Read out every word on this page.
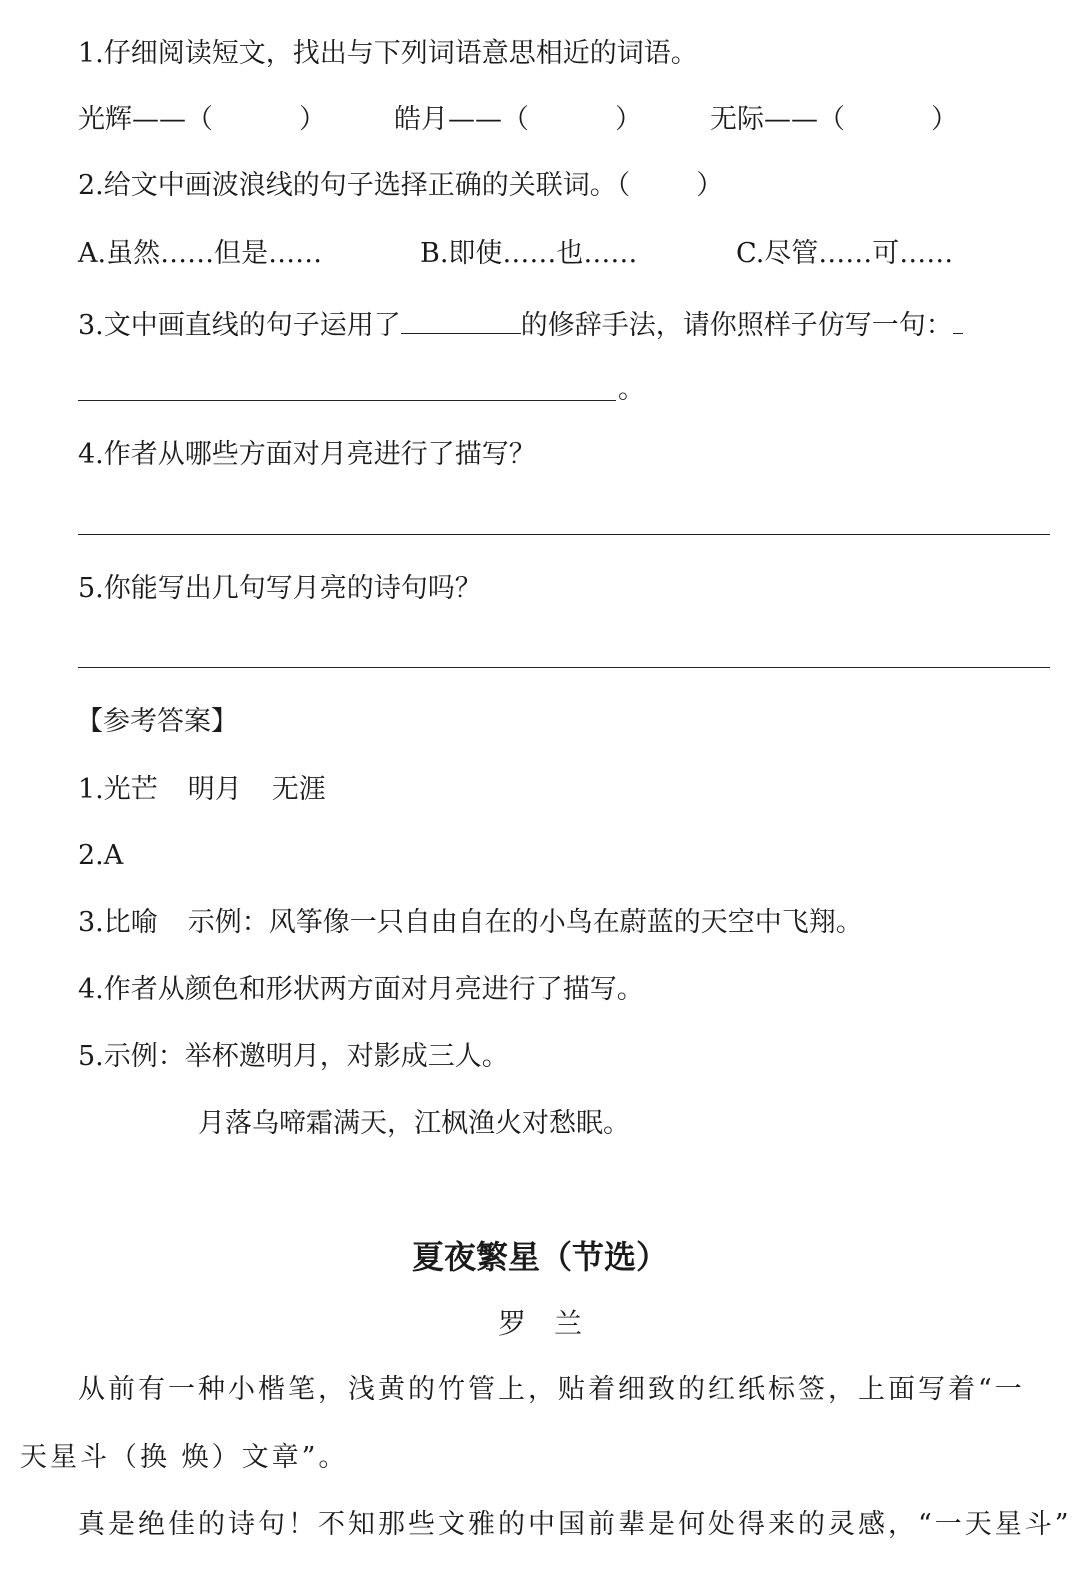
1.仔细阅读短文，找出与下列词语意思相近的词语。
光辉——（	）	皓月——（	）	无际——（	）
2.给文中画波浪线的句子选择正确的关联词。（ ）
A.虽然……但是……	B.即使……也……	C.尽管……可……
3.文中画直线的句子运用了	的修辞手法，请你照样子仿写一句：
。
4.作者从哪些方面对月亮进行了描写？
5.你能写出几句写月亮的诗句吗？
【参考答案】
1.光芒 明月 无涯
2.A
3.比喻 示例：风筝像一只自由自在的小鸟在蔚蓝的天空中飞翔。
4.作者从颜色和形状两方面对月亮进行了描写。
5.示例：举杯邀明月，对影成三人。
月落乌啼霜满天，江枫渔火对愁眠。
夏夜繁星（节选）
罗兰
从前有一种小楷笔，浅黄的竹管上，贴着细致的红纸标签，上面写着“一
天星斗（换 焕）文章”。
真是绝佳的诗句！不知那些文雅的中国前辈是何处得来的灵感，“一天星斗”
